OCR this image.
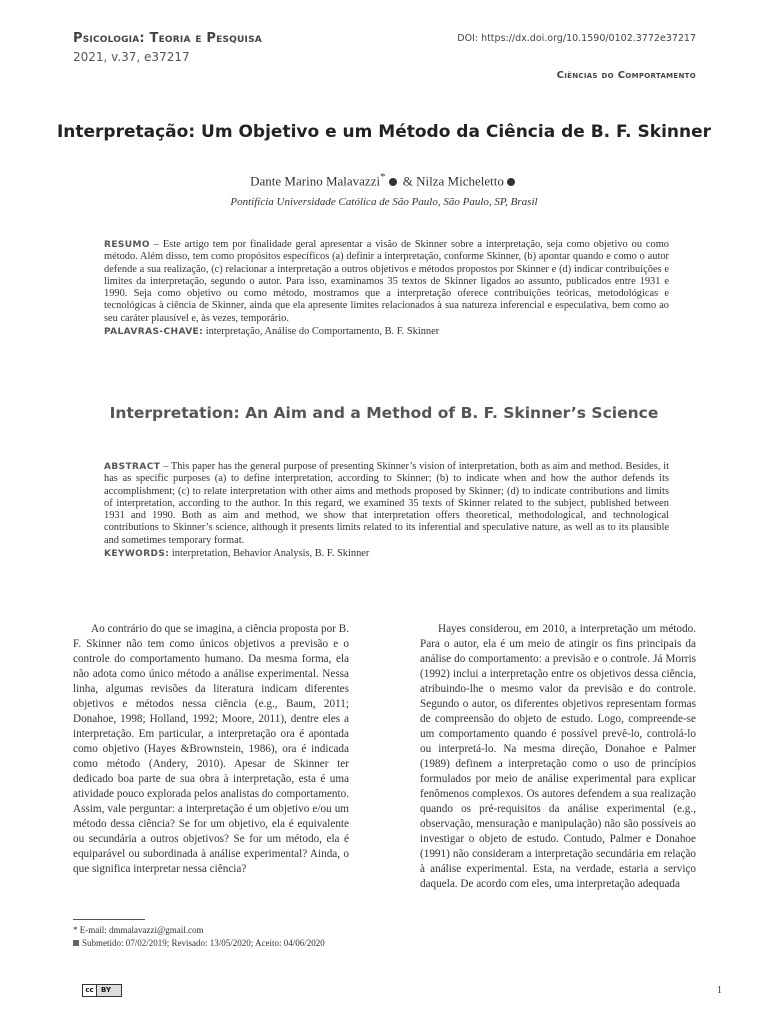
Psicologia: Teoria e Pesquisa
2021, v.37, e37217
DOI: https://dx.doi.org/10.1590/0102.3772e37217
Ciências do Comportamento
Interpretação: Um Objetivo e um Método da Ciência de B. F. Skinner
Dante Marino Malavazzi* & Nilza Micheletto
Pontifícia Universidade Católica de São Paulo, São Paulo, SP, Brasil
RESUMO – Este artigo tem por finalidade geral apresentar a visão de Skinner sobre a interpretação, seja como objetivo ou como método. Além disso, tem como propósitos específicos (a) definir a interpretação, conforme Skinner, (b) apontar quando e como o autor defende a sua realização, (c) relacionar a interpretação a outros objetivos e métodos propostos por Skinner e (d) indicar contribuições e limites da interpretação, segundo o autor. Para isso, examinamos 35 textos de Skinner ligados ao assunto, publicados entre 1931 e 1990. Seja como objetivo ou como método, mostramos que a interpretação oferece contribuições teóricas, metodológicas e tecnológicas à ciência de Skinner, ainda que ela apresente limites relacionados à sua natureza inferencial e especulativa, bem como ao seu caráter plausível e, às vezes, temporário.
PALAVRAS-CHAVE: interpretação, Análise do Comportamento, B. F. Skinner
Interpretation: An Aim and a Method of B. F. Skinner’s Science
ABSTRACT – This paper has the general purpose of presenting Skinner’s vision of interpretation, both as aim and method. Besides, it has as specific purposes (a) to define interpretation, according to Skinner; (b) to indicate when and how the author defends its accomplishment; (c) to relate interpretation with other aims and methods proposed by Skinner; (d) to indicate contributions and limits of interpretation, according to the author. In this regard, we examined 35 texts of Skinner related to the subject, published between 1931 and 1990. Both as aim and method, we show that interpretation offers theoretical, methodological, and technological contributions to Skinner’s science, although it presents limits related to its inferential and speculative nature, as well as to its plausible and sometimes temporary format.
KEYWORDS: interpretation, Behavior Analysis, B. F. Skinner

Ao contrário do que se imagina, a ciência proposta por B. F. Skinner não tem como únicos objetivos a previsão e o controle do comportamento humano. Da mesma forma, ela não adota como único método a análise experimental. Nessa linha, algumas revisões da literatura indicam diferentes objetivos e métodos nessa ciência (e.g., Baum, 2011; Donahoe, 1998; Holland, 1992; Moore, 2011), dentre eles a interpretação. Em particular, a interpretação ora é apontada como objetivo (Hayes &Brownstein, 1986), ora é indicada como método (Andery, 2010). Apesar de Skinner ter dedicado boa parte de sua obra à interpretação, esta é uma atividade pouco explorada pelos analistas do comportamento. Assim, vale perguntar: a interpretação é um objetivo e/ou um método dessa ciência? Se for um objetivo, ela é equivalente ou secundária a outros objetivos? Se for um método, ela é equiparável ou subordinada à análise experimental? Ainda, o que significa interpretar nessa ciência?

Hayes considerou, em 2010, a interpretação um método. Para o autor, ela é um meio de atingir os fins principais da análise do comportamento: a previsão e o controle. Já Morris (1992) inclui a interpretação entre os objetivos dessa ciência, atribuindo-lhe o mesmo valor da previsão e do controle. Segundo o autor, os diferentes objetivos representam formas de compreensão do objeto de estudo. Logo, compreende-se um comportamento quando é possível prevê-lo, controlá-lo ou interpretá-lo. Na mesma direção, Donahoe e Palmer (1989) definem a interpretação como o uso de princípios formulados por meio de análise experimental para explicar fenômenos complexos. Os autores defendem a sua realização quando os pré-requisitos da análise experimental (e.g., observação, mensuração e manipulação) não são possíveis ao investigar o objeto de estudo. Contudo, Palmer e Donahoe (1991) não consideram a interpretação secundária em relação à análise experimental. Esta, na verdade, estaria a serviço daquela. De acordo com eles, uma interpretação adequada

* E-mail: dmmalavazzi@gmail.com
Submetido: 07/02/2019; Revisado: 13/05/2020; Aceito: 04/06/2020
cc BY	1
